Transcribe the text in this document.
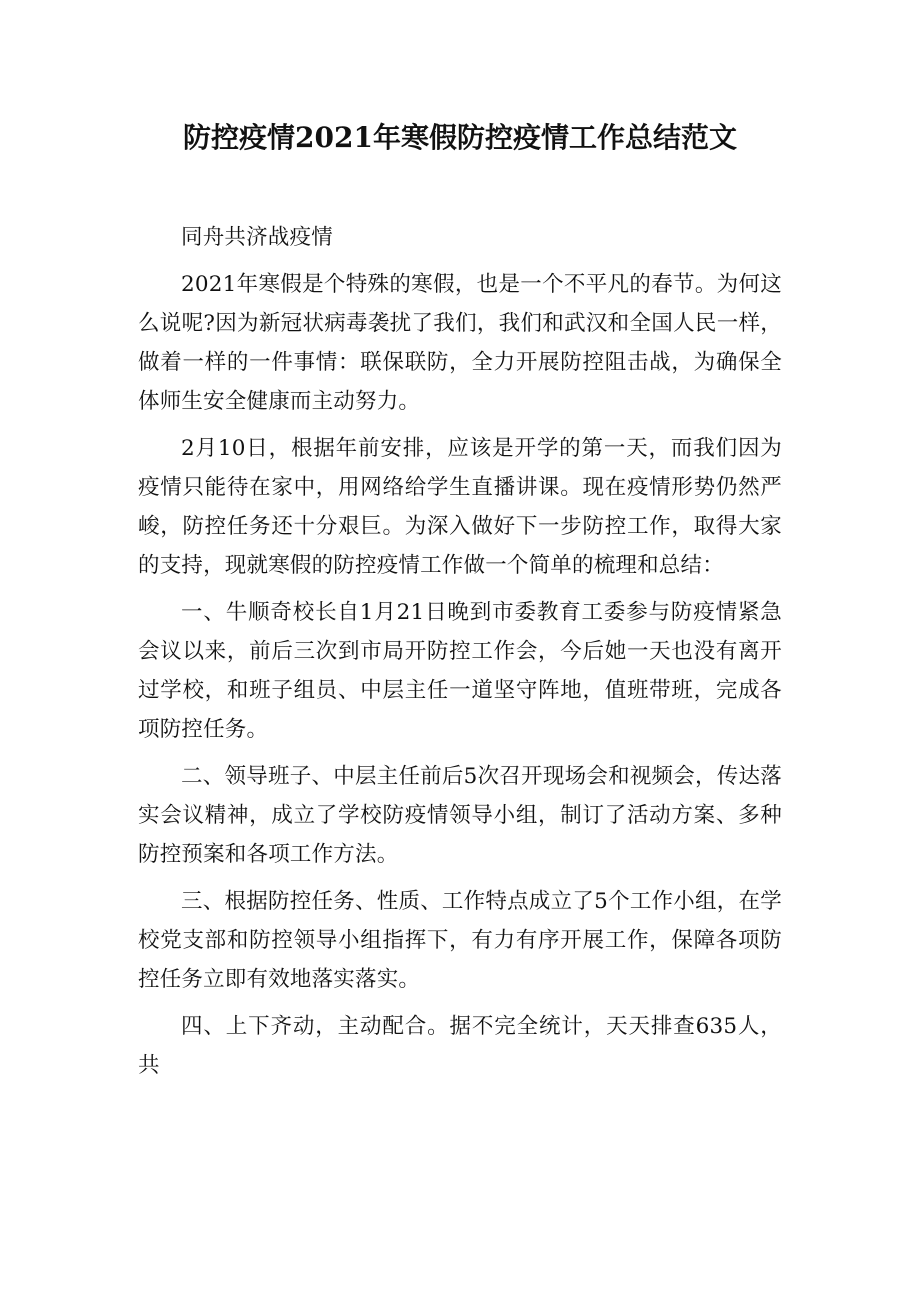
防控疫情2021年寒假防控疫情工作总结范文

同舟共济战疫情

2021年寒假是个特殊的寒假，也是一个不平凡的春节。为何这么说呢?因为新冠状病毒袭扰了我们，我们和武汉和全国人民一样，做着一样的一件事情：联保联防，全力开展防控阻击战，为确保全体师生安全健康而主动努力。

2月10日，根据年前安排，应该是开学的第一天，而我们因为疫情只能待在家中，用网络给学生直播讲课。现在疫情形势仍然严峻，防控任务还十分艰巨。为深入做好下一步防控工作，取得大家的支持，现就寒假的防控疫情工作做一个简单的梳理和总结：

一、牛顺奇校长自1月21日晚到市委教育工委参与防疫情紧急会议以来，前后三次到市局开防控工作会，今后她一天也没有离开过学校，和班子组员、中层主任一道坚守阵地，值班带班，完成各项防控任务。

二、领导班子、中层主任前后5次召开现场会和视频会，传达落实会议精神，成立了学校防疫情领导小组，制订了活动方案、多种防控预案和各项工作方法。

三、根据防控任务、性质、工作特点成立了5个工作小组，在学校党支部和防控领导小组指挥下，有力有序开展工作，保障各项防控任务立即有效地落实落实。

四、上下齐动，主动配合。据不完全统计，天天排查635人，共
